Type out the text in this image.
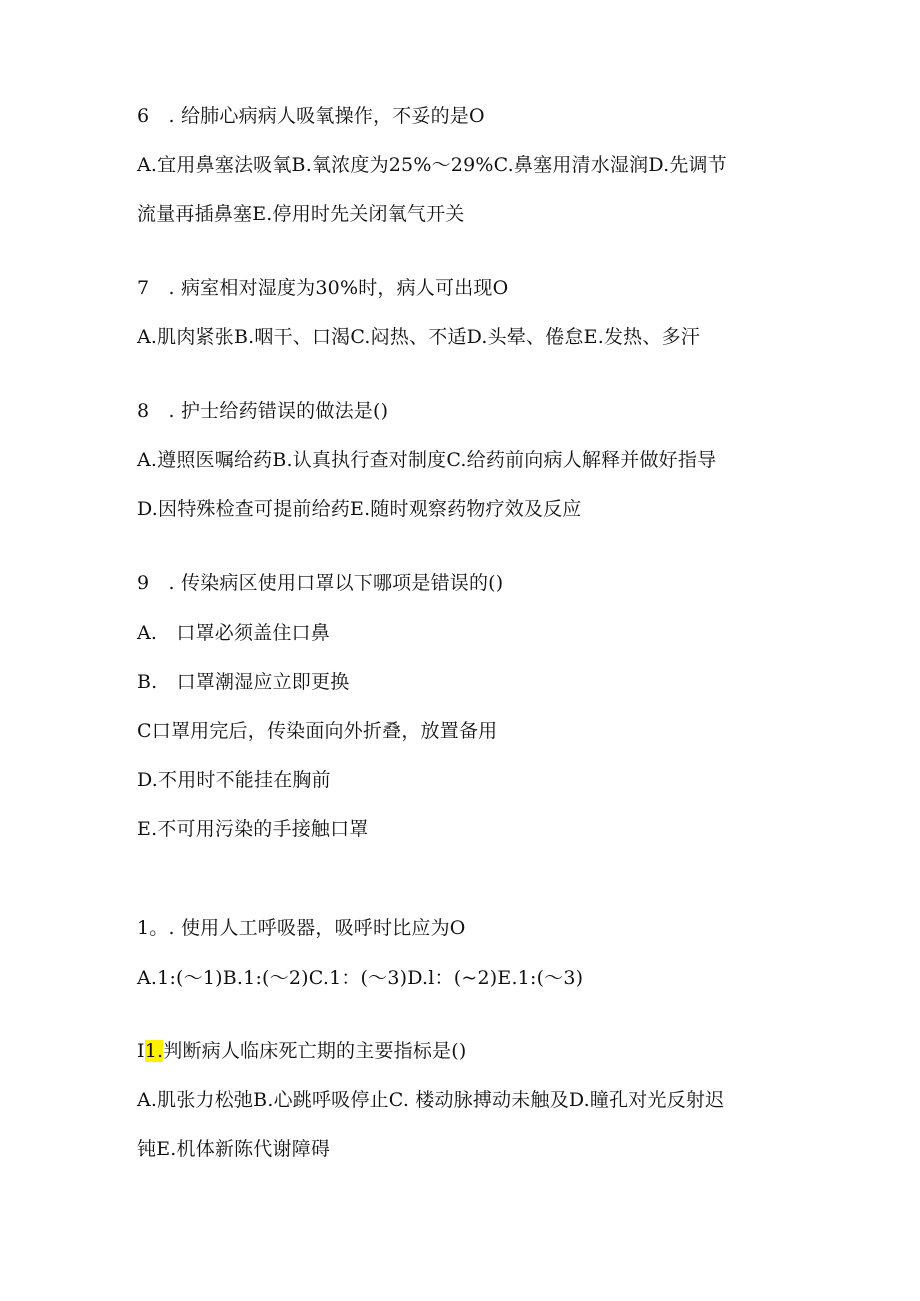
6　. 给肺心病病人吸氧操作，不妥的是O
A.宜用鼻塞法吸氧B.氧浓度为25%～29%C.鼻塞用清水湿润D.先调节
流量再插鼻塞E.停用时先关闭氧气开关
7　. 病室相对湿度为30%时，病人可出现O
A.肌肉紧张B.咽干、口渴C.闷热、不适D.头晕、倦怠E.发热、多汗
8　. 护士给药错误的做法是()
A.遵照医嘱给药B.认真执行查对制度C.给药前向病人解释并做好指导
D.因特殊检查可提前给药E.随时观察药物疗效及反应
9　. 传染病区使用口罩以下哪项是错误的()
A.　口罩必须盖住口鼻
B.　口罩潮湿应立即更换
C口罩用完后，传染面向外折叠，放置备用
D.不用时不能挂在胸前
E.不可用污染的手接触口罩
1。. 使用人工呼吸器，吸呼时比应为O
A.1:(～1)B.1:(～2)C.1：(～3)D.l：(~2)E.1:(～3)
I1.判断病人临床死亡期的主要指标是()
A.肌张力松弛B.心跳呼吸停止C. 楼动脉搏动未触及D.瞳孔对光反射迟
钝E.机体新陈代谢障碍
